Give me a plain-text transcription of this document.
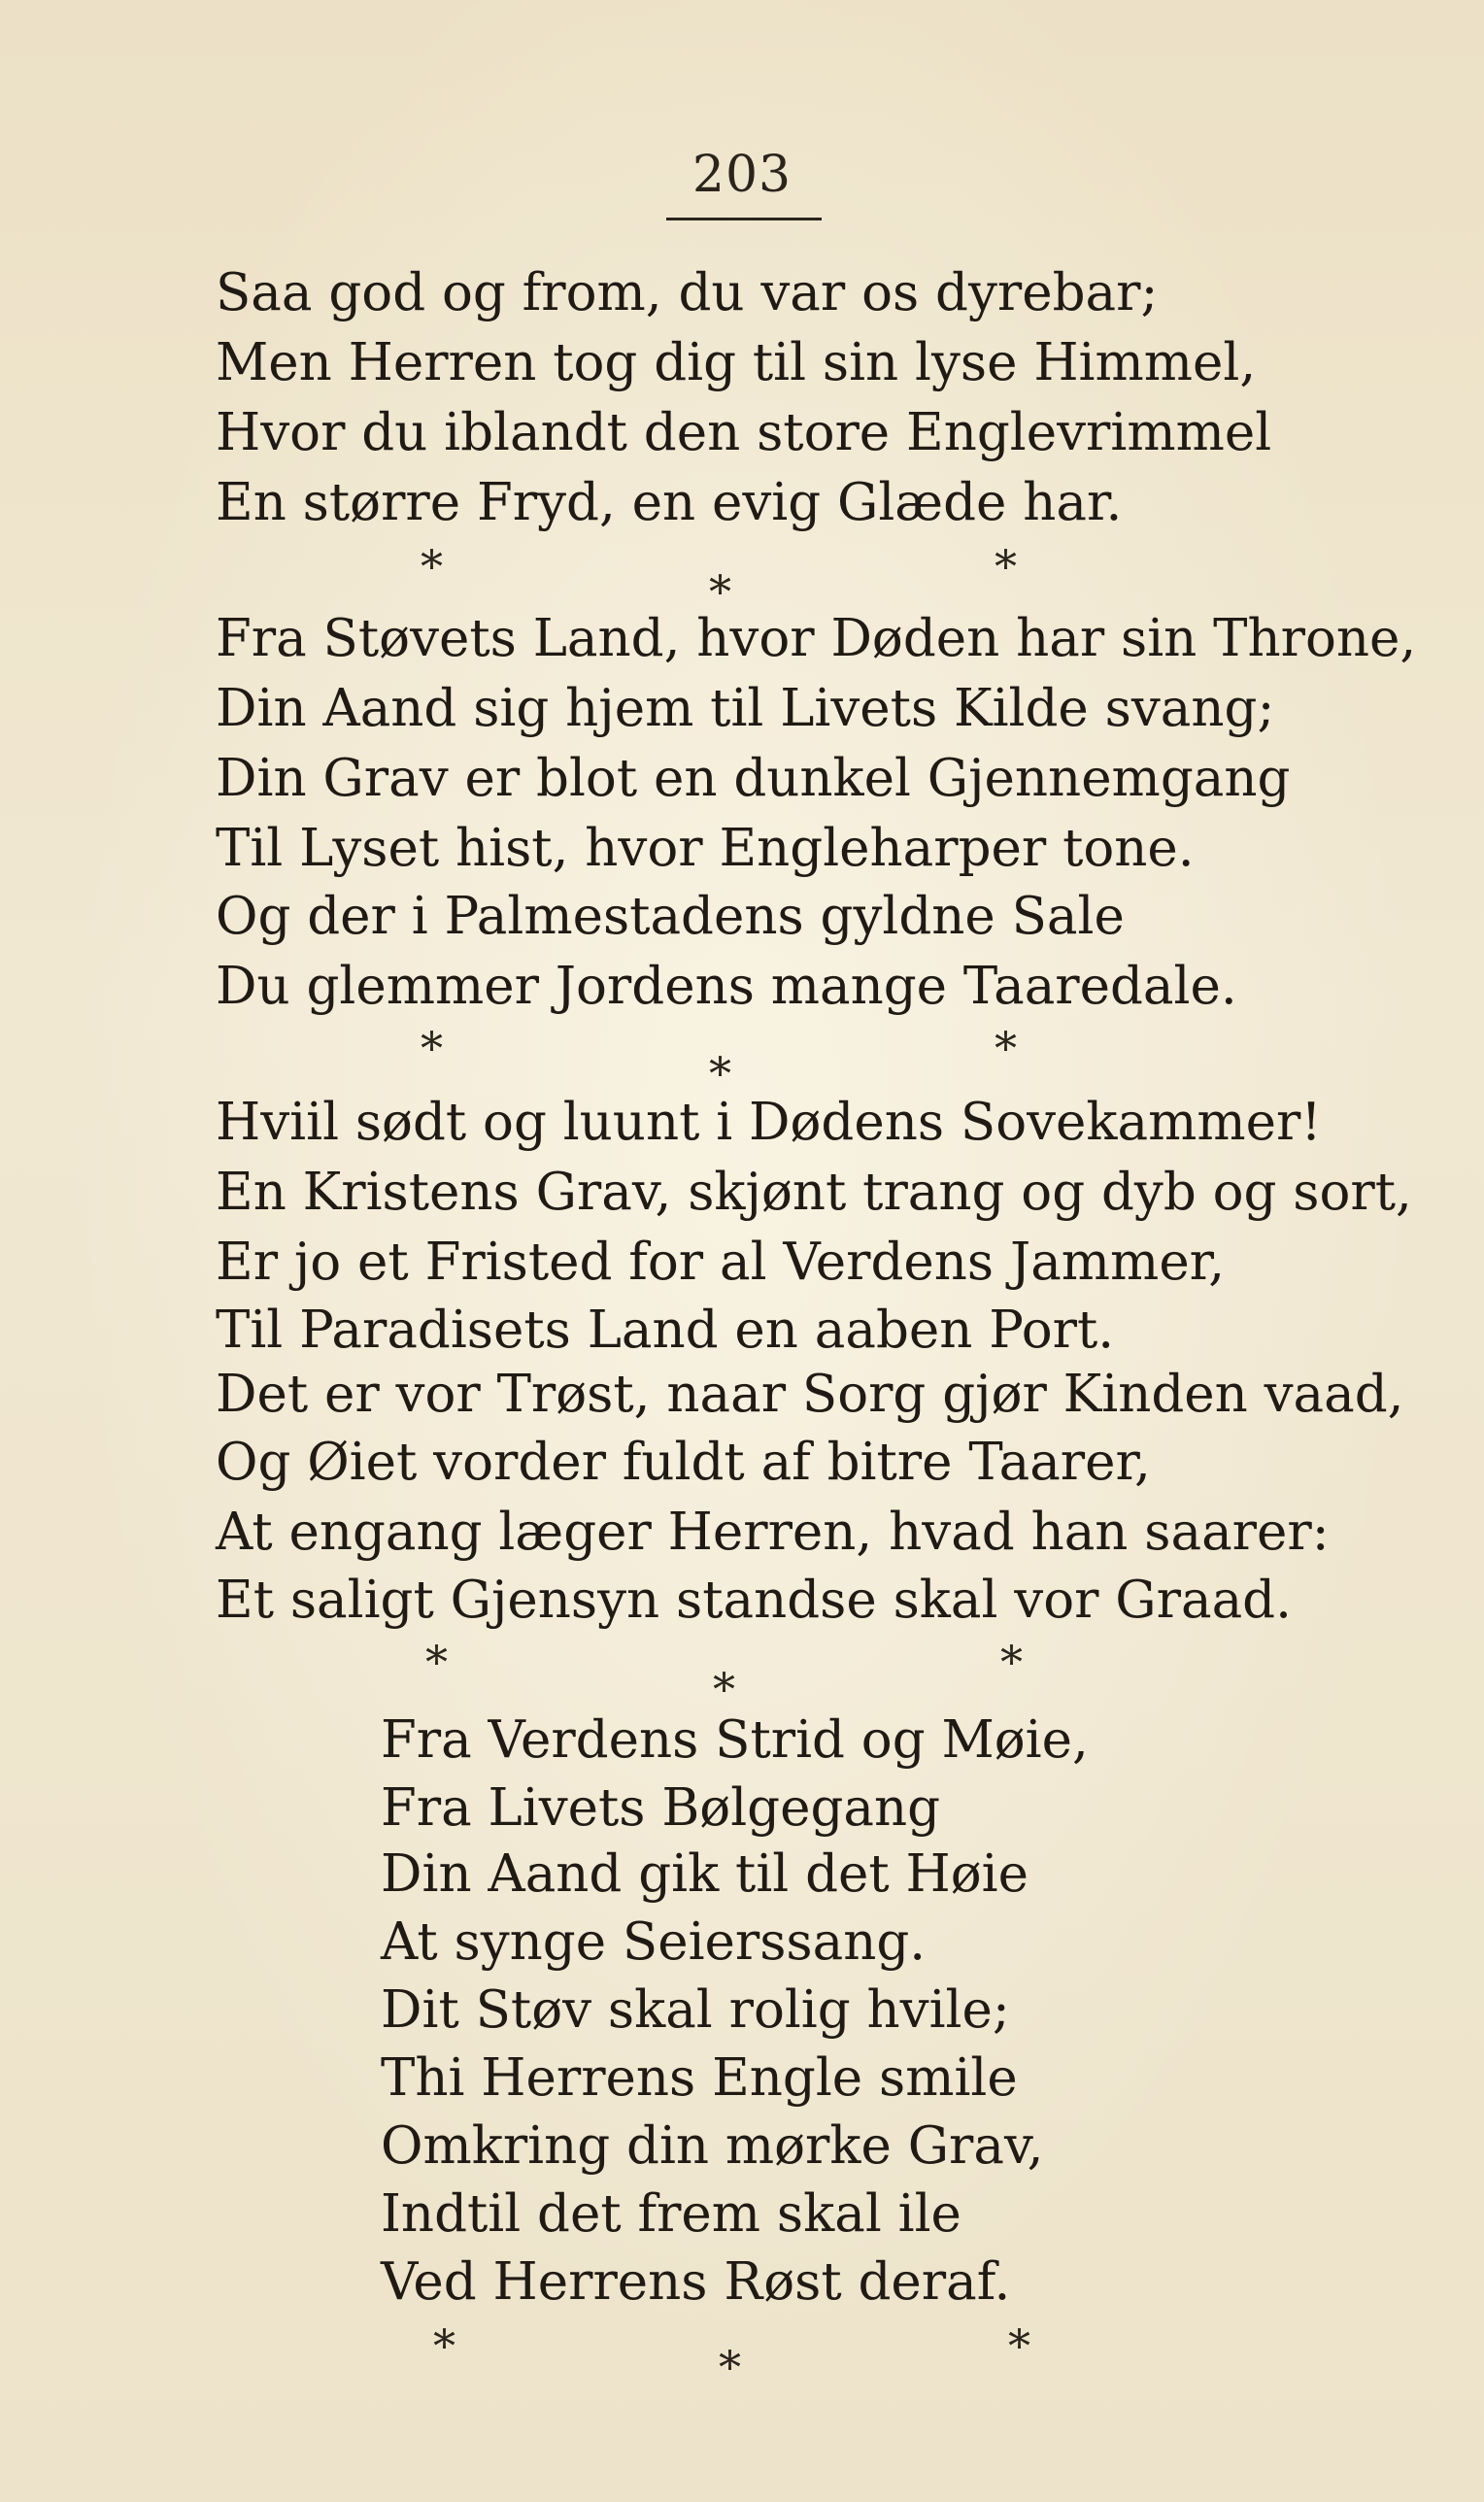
203
Saa god og from, du var os dyrebar;
Men Herren tog dig til sin lyse Himmel,
Hvor du iblandt den store Englevrimmel
En større Fryd, en evig Glæde har.
*	*	*
Fra Støvets Land, hvor Døden har sin Throne,
Din Aand sig hjem til Livets Kilde svang;
Din Grav er blot en dunkel Gjennemgang
Til Lyset hist, hvor Engleharper tone.
Og der i Palmestadens gyldne Sale
Du glemmer Jordens mange Taaredale.
*	*	*
Hviil sødt og luunt i Dødens Sovekammer!
En Kristens Grav, skjønt trang og dyb og sort,
Er jo et Fristed for al Verdens Jammer,
Til Paradisets Land en aaben Port.
Det er vor Trøst, naar Sorg gjør Kinden vaad,
Og Øiet vorder fuldt af bitre Taarer,
At engang læger Herren, hvad han saarer:
Et saligt Gjensyn standse skal vor Graad.
*
*
*
Fra Verdens Strid og Møie,
Fra Livets Bølgegang
Din Aand gik til det Høie
At synge Seierssang.
Dit Støv skal rolig hvile;
Thi Herrens Engle smile
Omkring din mørke Grav,
Indtil det frem skal ile
Ved Herrens Røst deraf.
*	*	*
